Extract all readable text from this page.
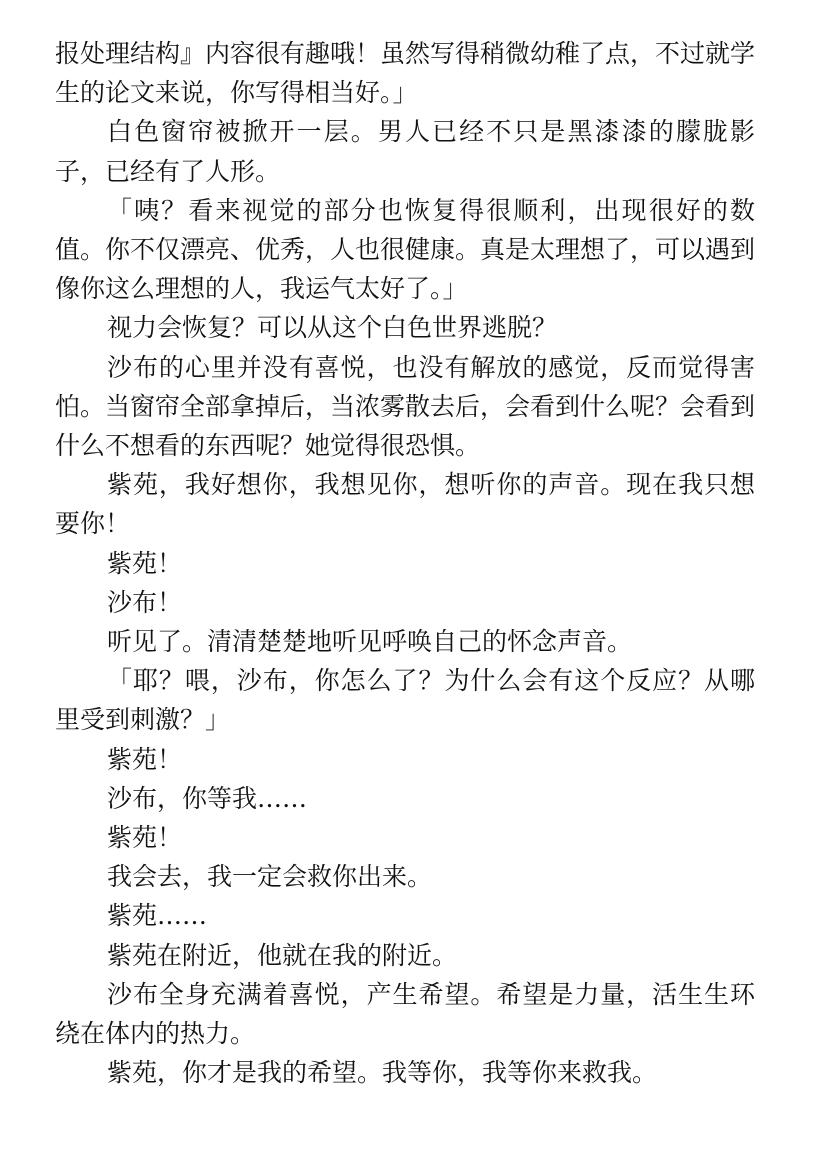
报处理结构』内容很有趣哦！虽然写得稍微幼稚了点，不过就学生的论文来说，你写得相当好。」

白色窗帘被掀开一层。男人已经不只是黑漆漆的朦胧影子，已经有了人形。

「咦？看来视觉的部分也恢复得很顺利，出现很好的数值。你不仅漂亮、优秀，人也很健康。真是太理想了，可以遇到像你这么理想的人，我运气太好了。」

视力会恢复？可以从这个白色世界逃脱？

沙布的心里并没有喜悦，也没有解放的感觉，反而觉得害怕。当窗帘全部拿掉后，当浓雾散去后，会看到什么呢？会看到什么不想看的东西呢？她觉得很恐惧。

紫苑，我好想你，我想见你，想听你的声音。现在我只想要你！

紫苑！

沙布！

听见了。清清楚楚地听见呼唤自己的怀念声音。

「耶？喂，沙布，你怎么了？为什么会有这个反应？从哪里受到刺激？」

紫苑！

沙布，你等我……

紫苑！

我会去，我一定会救你出来。

紫苑……

紫苑在附近，他就在我的附近。

沙布全身充满着喜悦，产生希望。希望是力量，活生生环绕在体内的热力。

紫苑，你才是我的希望。我等你，我等你来救我。
